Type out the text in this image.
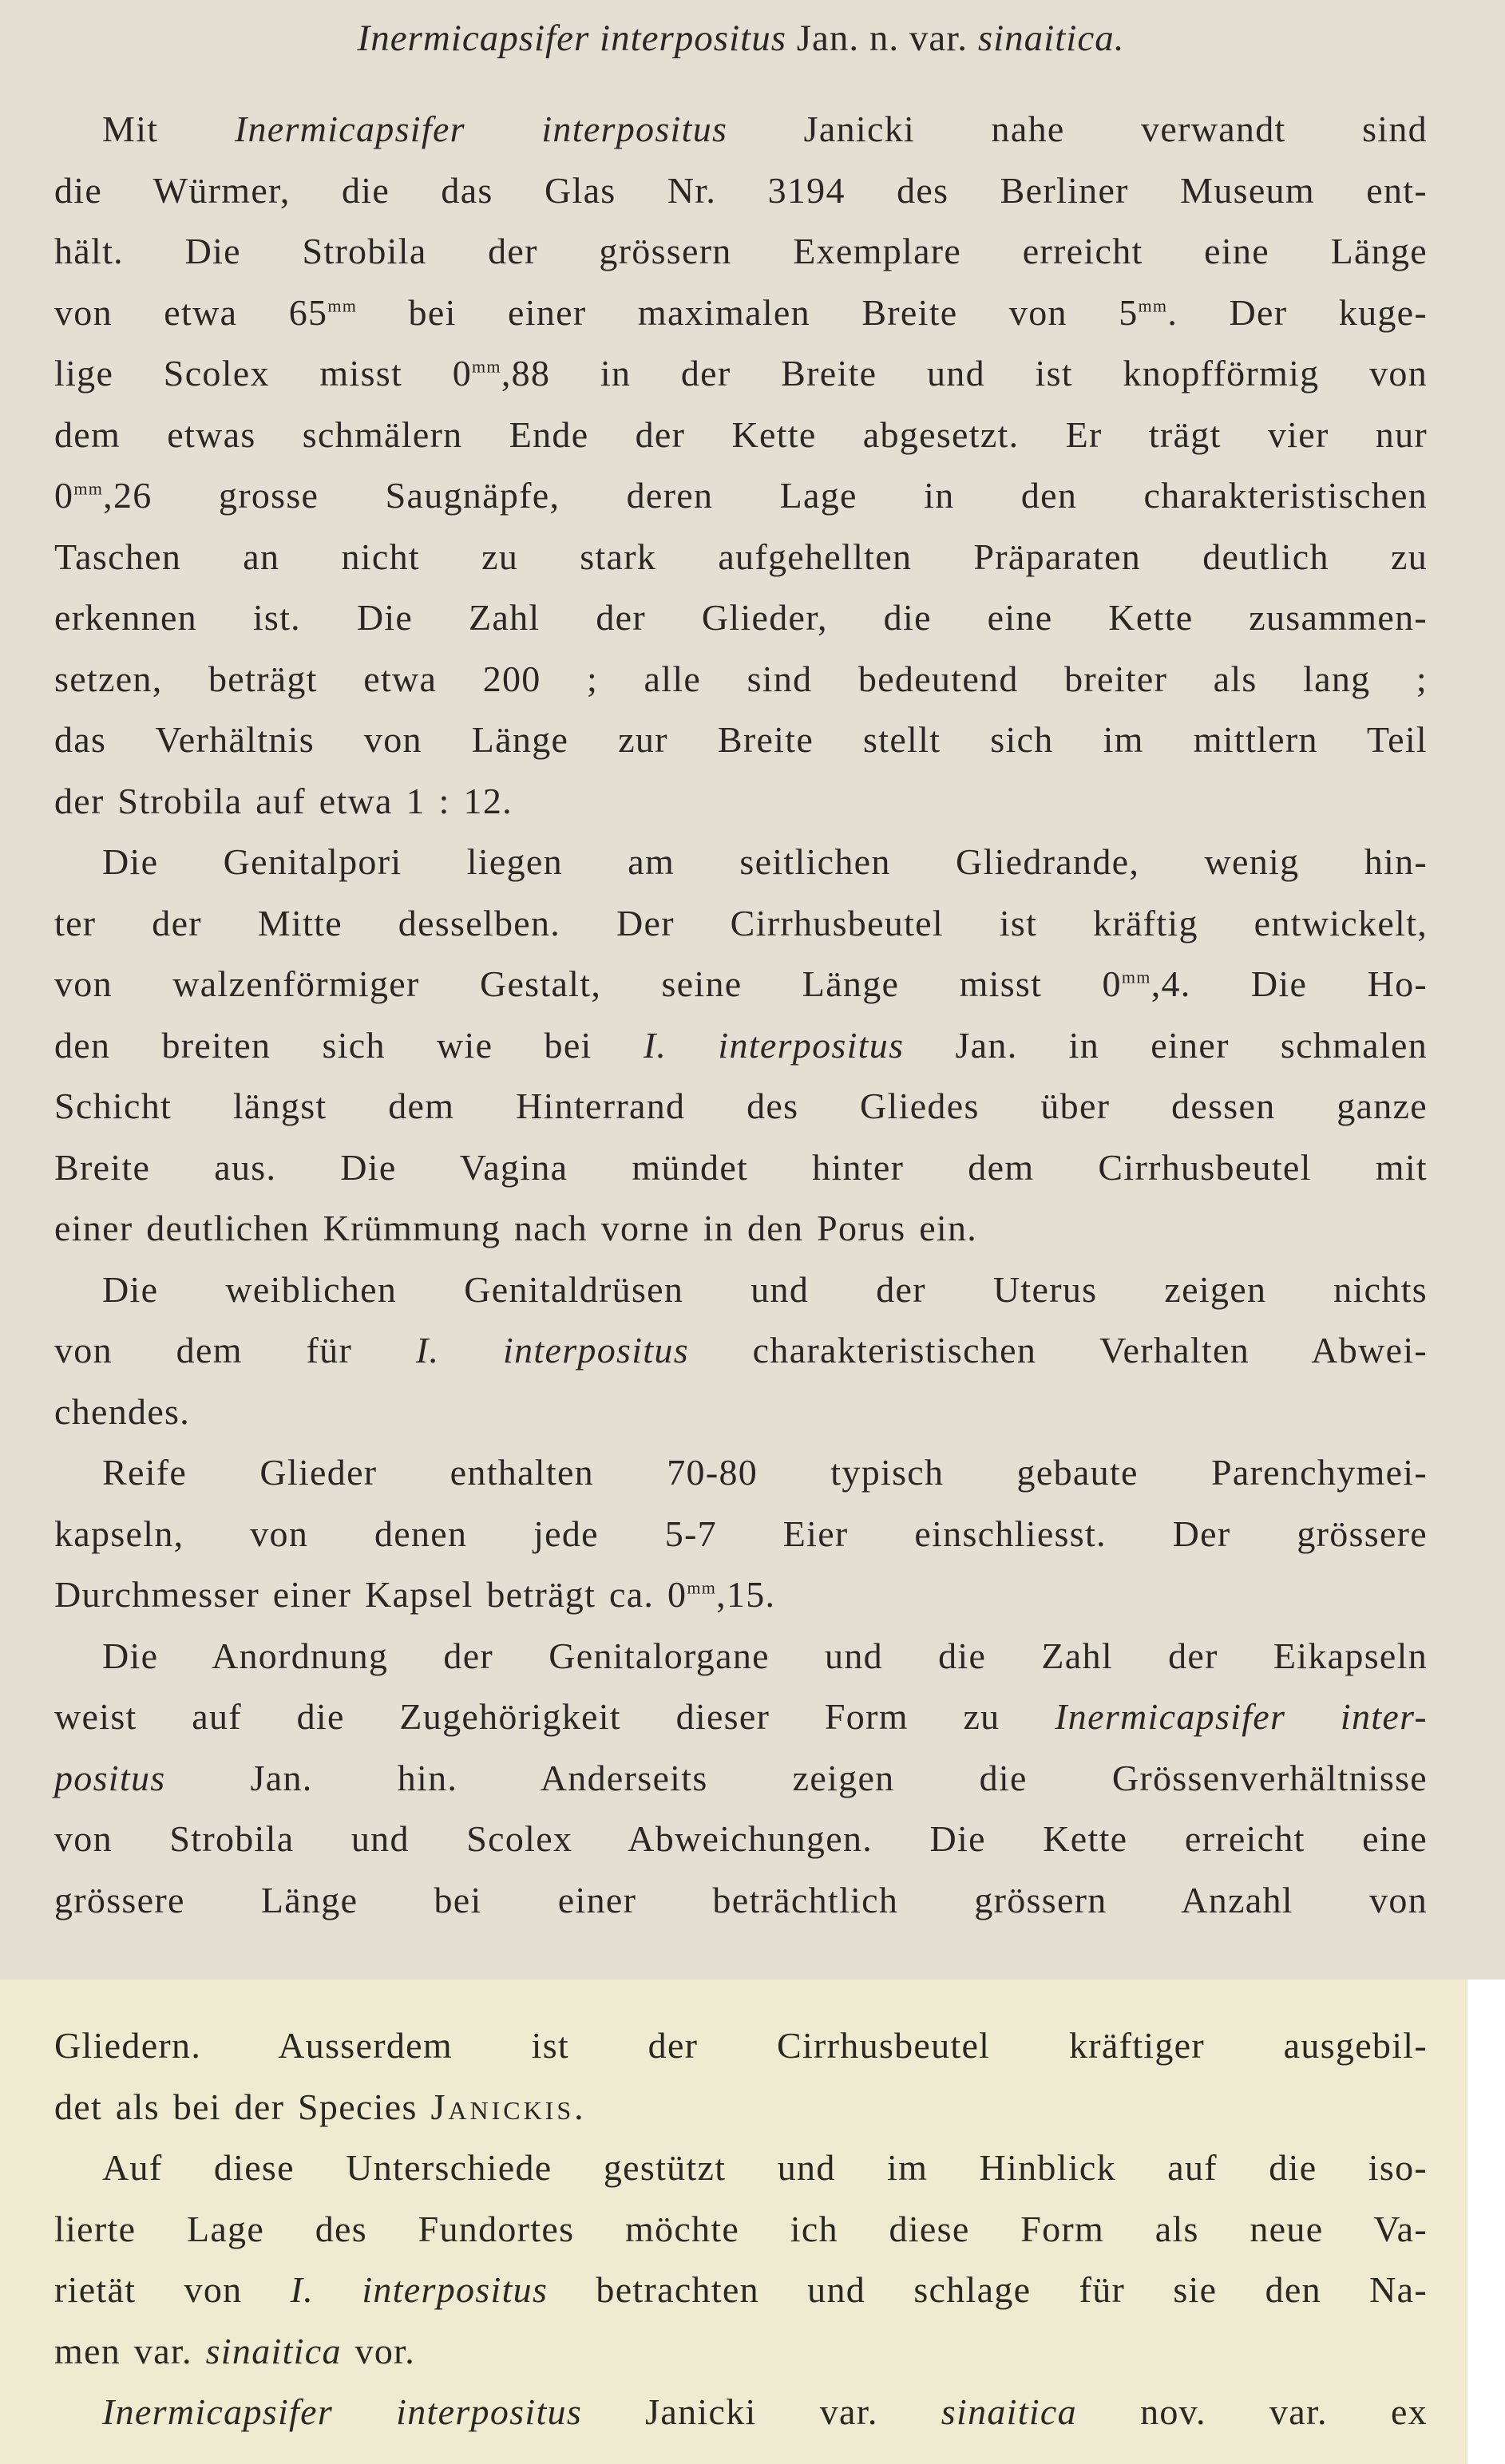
Inermicapsifer interpositus Jan. n. var. sinaitica.

Mit Inermicapsifer interpositus Janicki nahe verwandt sind
die Würmer, die das Glas Nr. 3194 des Berliner Museum ent-
hält. Die Strobila der grössern Exemplare erreicht eine Länge
von etwa $65^{mm}$ bei einer maximalen Breite von $5^{mm}$. Der kuge-
lige Scolex misst $0^{mm},88$ in der Breite und ist knopfförmig von
dem etwas schmälern Ende der Kette abgesetzt. Er trägt vier nur
$0^{mm},26$ grosse Saugnäpfe, deren Lage in den charakteristischen
Taschen an nicht zu stark aufgehellten Präparaten deutlich zu
erkennen ist. Die Zahl der Glieder, die eine Kette zusammen-
setzen, beträgt etwa 200 ; alle sind bedeutend breiter als lang ;
das Verhältnis von Länge zur Breite stellt sich im mittlern Teil
der Strobila auf etwa 1 : 12.

Die Genitalpori liegen am seitlichen Gliedrande, wenig hin-
ter der Mitte desselben. Der Cirrhusbeutel ist kräftig entwickelt,
von walzenförmiger Gestalt, seine Länge misst $0^{mm},4$. Die Ho-
den breiten sich wie bei I. interpositus Jan. in einer schmalen
Schicht längst dem Hinterrand des Gliedes über dessen ganze
Breite aus. Die Vagina mündet hinter dem Cirrhusbeutel mit
einer deutlichen Krümmung nach vorne in den Porus ein.

Die weiblichen Genitaldrüsen und der Uterus zeigen nichts
von dem für I. interpositus charakteristischen Verhalten Abwei-
chendes.

Reife Glieder enthalten 70-80 typisch gebaute Parenchymei-
kapseln, von denen jede 5-7 Eier einschliesst. Der grössere
Durchmesser einer Kapsel beträgt ca. $0^{mm},15$.

Die Anordnung der Genitalorgane und die Zahl der Eikapseln
weist auf die Zugehörigkeit dieser Form zu Inermicapsifer inter-
positus Jan. hin. Anderseits zeigen die Grössenverhältnisse
von Strobila und Scolex Abweichungen. Die Kette erreicht eine
grössere Länge bei einer beträchtlich grössern Anzahl von

Gliedern. Ausserdem ist der Cirrhusbeutel kräftiger ausgebil-
det als bei der Species Janickis.

Auf diese Unterschiede gestützt und im Hinblick auf die iso-
lierte Lage des Fundortes möchte ich diese Form als neue Va-
rietät von I. interpositus betrachten und schlage für sie den Na-
men var. sinaitica vor.

Inermicapsifer interpositus Janicki var. sinaitica nov. var. ex
